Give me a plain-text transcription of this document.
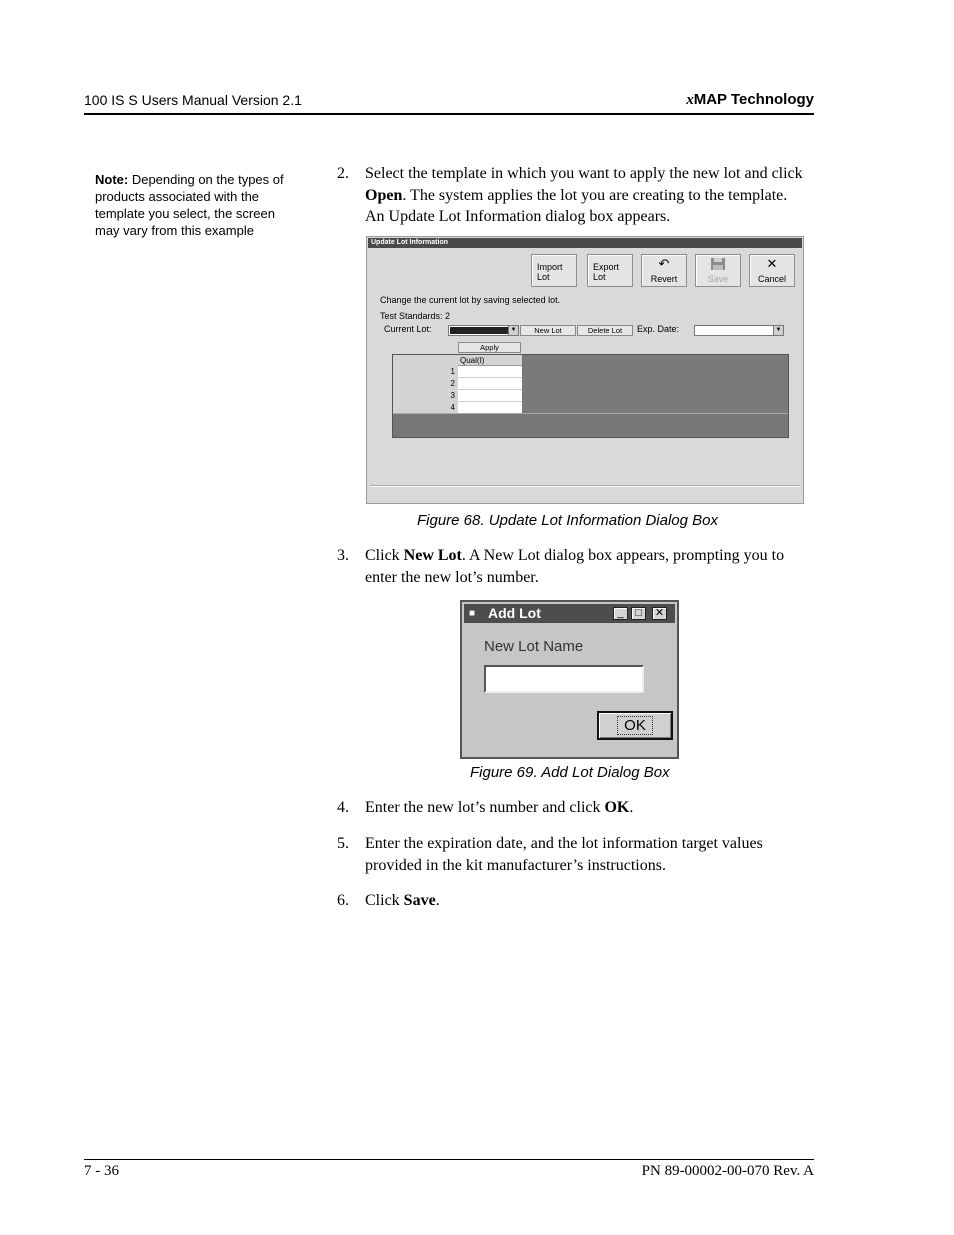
100 IS S Users Manual Version 2.1	xMAP Technology
Note: Depending on the types of products associated with the template you select, the screen may vary from this example
2. Select the template in which you want to apply the new lot and click Open. The system applies the lot you are creating to the template. An Update Lot Information dialog box appears.
Update Lot Information
Import
Lot
Export
Lot
↶
Revert	Save
✕
Cancel
Change the current lot by saving selected lot.
Test Standards: 2
Current Lot:	▼	New Lot	Delete Lot	Exp. Date:	▼
Apply
1
2
3
4
Qual(I)
Figure 68. Update Lot Information Dialog Box
3. Click New Lot. A New Lot dialog box appears, prompting you to enter the new lot’s number.
■ Add Lot	_	□	✕
New Lot Name
OK
Figure 69. Add Lot Dialog Box
4. Enter the new lot’s number and click OK.
5. Enter the expiration date, and the lot information target values provided in the kit manufacturer’s instructions.
6. Click Save.
7 - 36	PN 89-00002-00-070 Rev. A
